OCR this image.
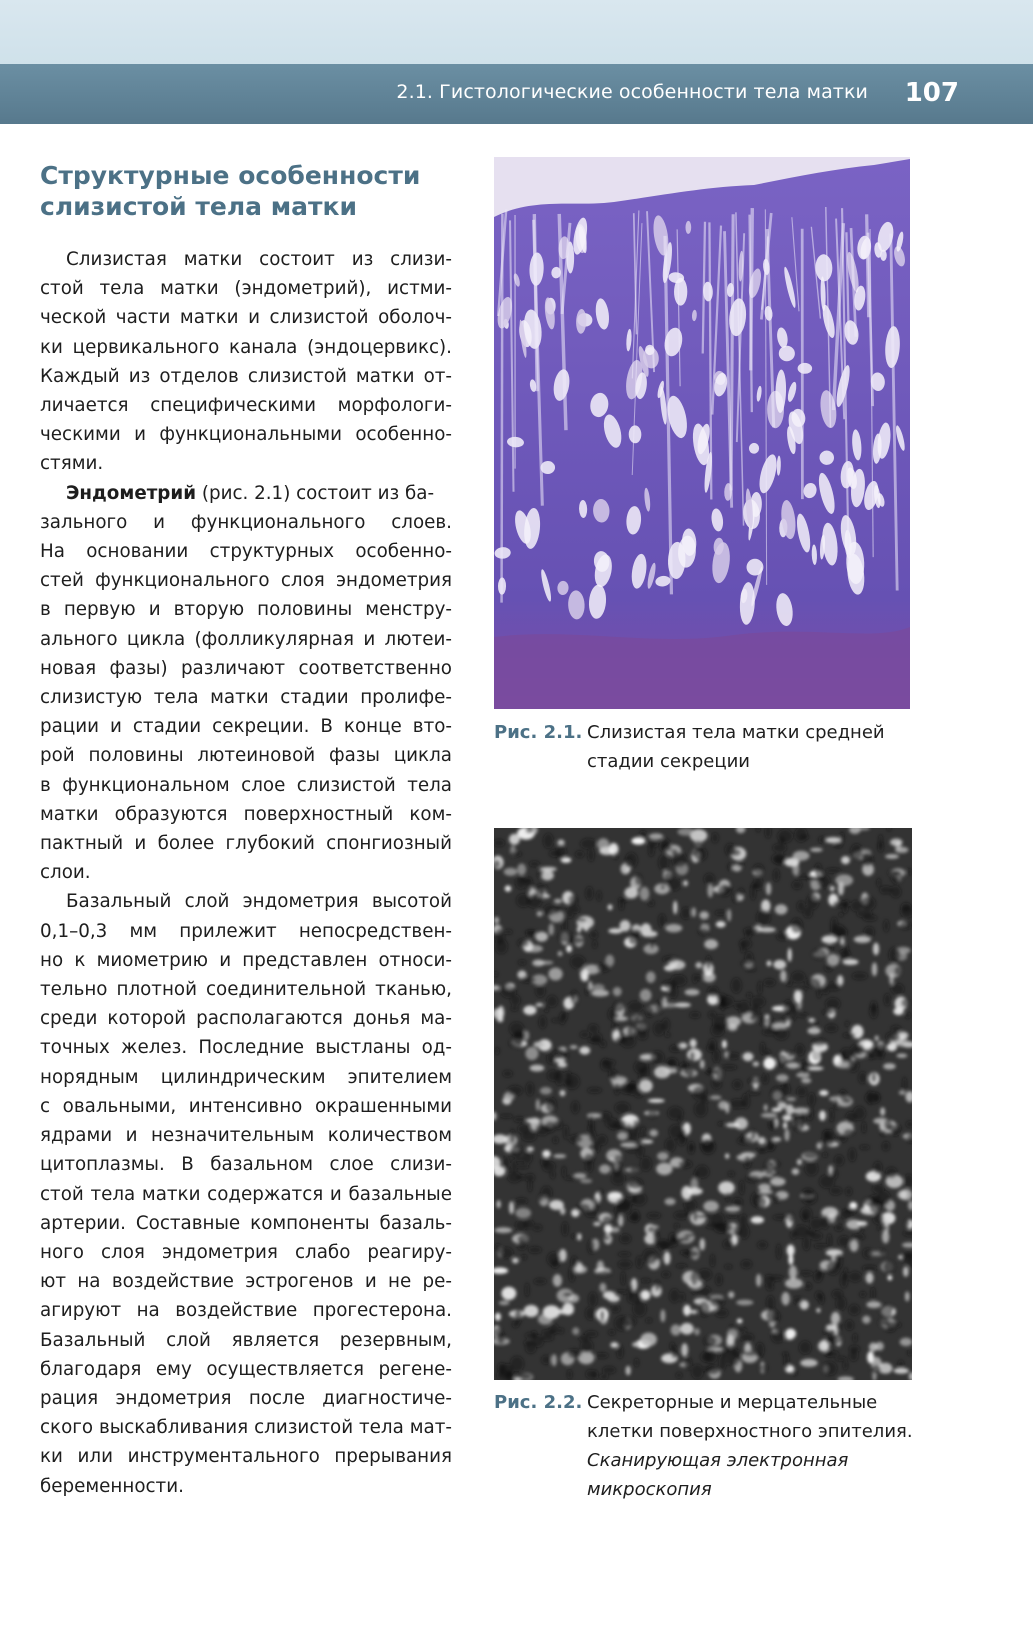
2.1. Гистологические особенности тела матки 107
Структурные особенности
слизистой тела матки
Слизистая матки состоит из слизи-
стой тела матки (эндометрий), истми-
ческой части матки и слизистой оболоч-
ки цервикального канала (эндоцервикс).
Каждый из отделов слизистой матки от-
личается специфическими морфологи-
ческими и функциональными особенно-
стями.
Эндометрий (рис. 2.1) состоит из ба-
зального и функционального слоев.
На основании структурных особенно-
стей функционального слоя эндометрия
в первую и вторую половины менстру-
ального цикла (фолликулярная и лютеи-
новая фазы) различают соответственно
слизистую тела матки стадии пролифе-
рации и стадии секреции. В конце вто-
рой половины лютеиновой фазы цикла
в функциональном слое слизистой тела
матки образуются поверхностный ком-
пактный и более глубокий спонгиозный
слои.
Базальный слой эндометрия высотой
0,1–0,3 мм прилежит непосредствен-
но к миометрию и представлен относи-
тельно плотной соединительной тканью,
среди которой располагаются донья ма-
точных желез. Последние выстланы од-
норядным цилиндрическим эпителием
с овальными, интенсивно окрашенными
ядрами и незначительным количеством
цитоплазмы. В базальном слое слизи-
стой тела матки содержатся и базальные
артерии. Составные компоненты базаль-
ного слоя эндометрия слабо реагиру-
ют на воздействие эстрогенов и не ре-
агируют на воздействие прогестерона.
Базальный слой является резервным,
благодаря ему осуществляется регене-
рация эндометрия после диагностиче-
ского выскабливания слизистой тела мат-
ки или инструментального прерывания
беременности.
Рис. 2.1. Слизистая тела матки средней
стадии секреции
Рис. 2.2. Секреторные и мерцательные
клетки поверхностного эпителия.
Сканирующая электронная
микроскопия
